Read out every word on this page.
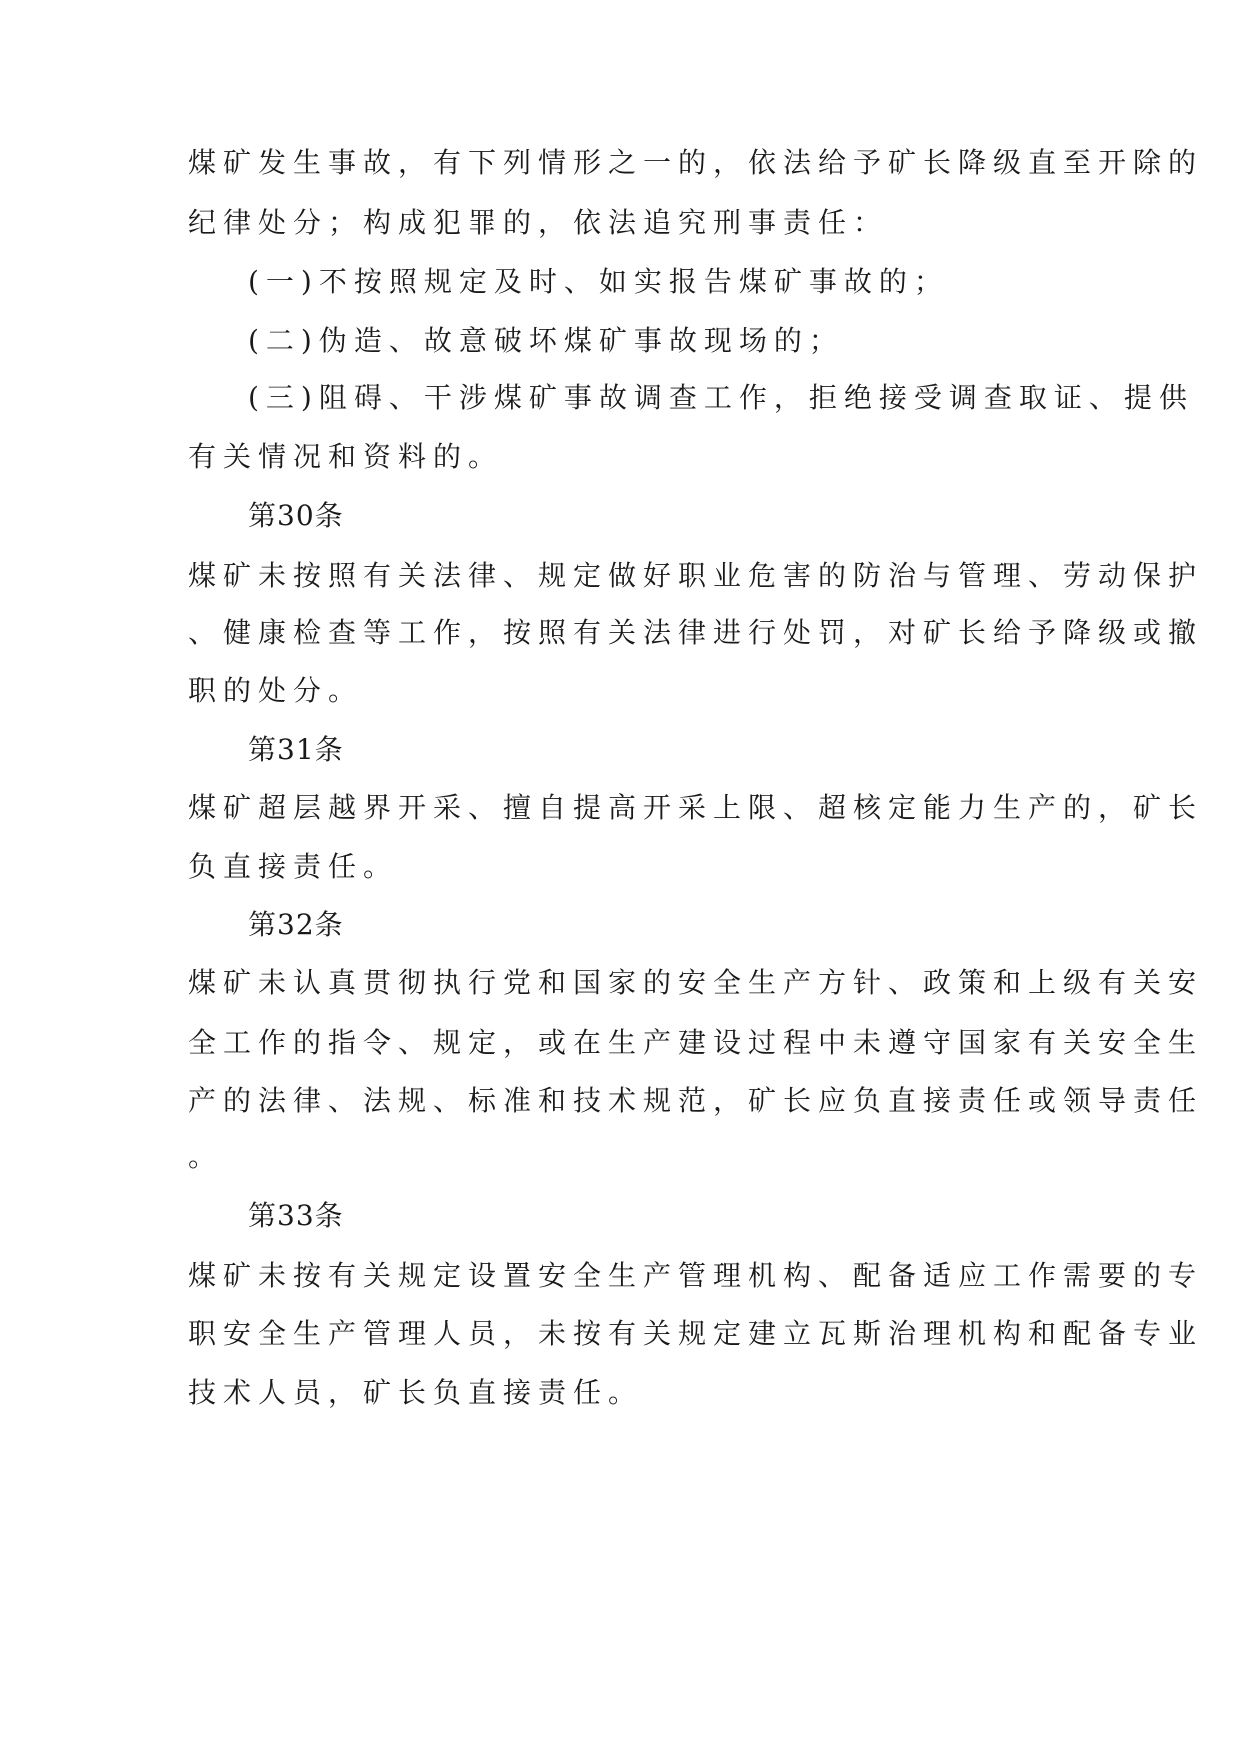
煤矿发生事故，有下列情形之一的，依法给予矿长降级直至开除的
纪律处分；构成犯罪的，依法追究刑事责任：
(一)不按照规定及时、如实报告煤矿事故的；
(二)伪造、故意破坏煤矿事故现场的；
(三)阻碍、干涉煤矿事故调查工作，拒绝接受调查取证、提供
有关情况和资料的。
第30条
煤矿未按照有关法律、规定做好职业危害的防治与管理、劳动保护
、健康检查等工作，按照有关法律进行处罚，对矿长给予降级或撤
职的处分。
第31条
煤矿超层越界开采、擅自提高开采上限、超核定能力生产的，矿长
负直接责任。
第32条
煤矿未认真贯彻执行党和国家的安全生产方针、政策和上级有关安
全工作的指令、规定，或在生产建设过程中未遵守国家有关安全生
产的法律、法规、标准和技术规范，矿长应负直接责任或领导责任
。
第33条
煤矿未按有关规定设置安全生产管理机构、配备适应工作需要的专
职安全生产管理人员，未按有关规定建立瓦斯治理机构和配备专业
技术人员，矿长负直接责任。
